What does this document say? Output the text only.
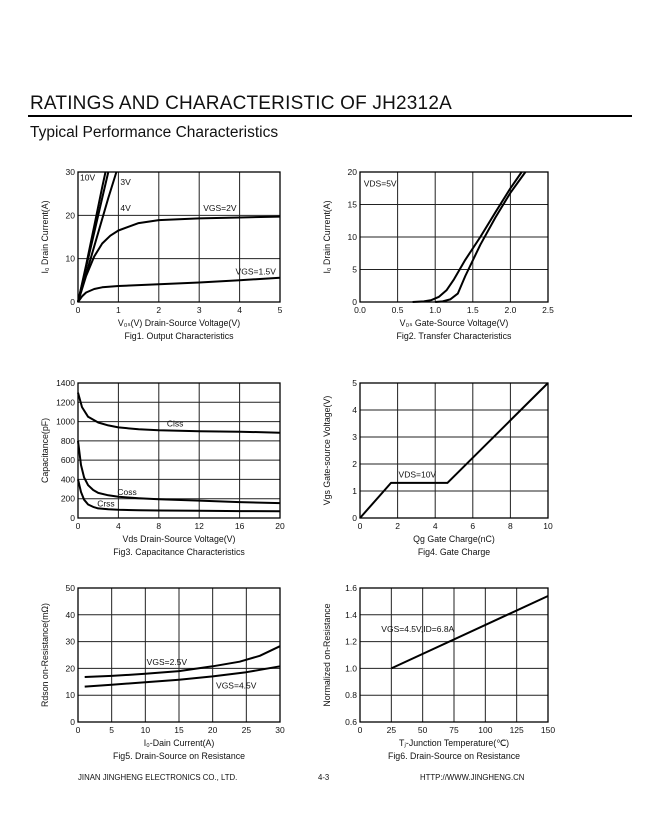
RATINGS AND CHARACTERISTIC OF JH2312A
Typical Performance Characteristics
0	1	2	3	4	5
0
10
20
30
10V	3V
4V	VGS=2V
VGS=1.5V
V₀ₛ(V) Drain-Source Voltage(V)
I₀ Drain Current(A)
Fig1. Output Characteristics
0.0	0.5	1.0	1.5	2.0	2.5
0
5
10
15
20
VDS=5V
V₀ₛ Gate-Source Voltage(V)
I₀ Drain Current(A)
Fig2. Transfer Characteristics
0	4	8	12	16	20
0
200
400
600
800
1000
1200
1400
Ciss
Coss
Crss
Vds Drain-Source Voltage(V)
Capacitance(pF)
Fig3. Capacitance Characteristics
0	2	4	6	8	10
0
1
2
3
4
5
VDS=10V
Qg Gate Charge(nC)
Vgs Gate-source Voltage(V)
Fig4. Gate Charge
0	5	10	15	20	25	30
0
10
20
30
40
50
VGS=2.5V
VGS=4.5V
I₀-Dain Current(A)
Rdson on-Resistance(mΩ)
Fig5. Drain-Source on Resistance
0	25	50	75 100 125 150
0.6
0.8
1.0
1.2
1.4
1.6
VGS=4.5V,ID=6.8A
Tⱼ-Junction Temperature(℃)
Normalized on-Resistance
Fig6. Drain-Source on Resistance
JINAN JINGHENG ELECTRONICS CO., LTD.	4-3	HTTP://WWW.JINGHENG.CN
